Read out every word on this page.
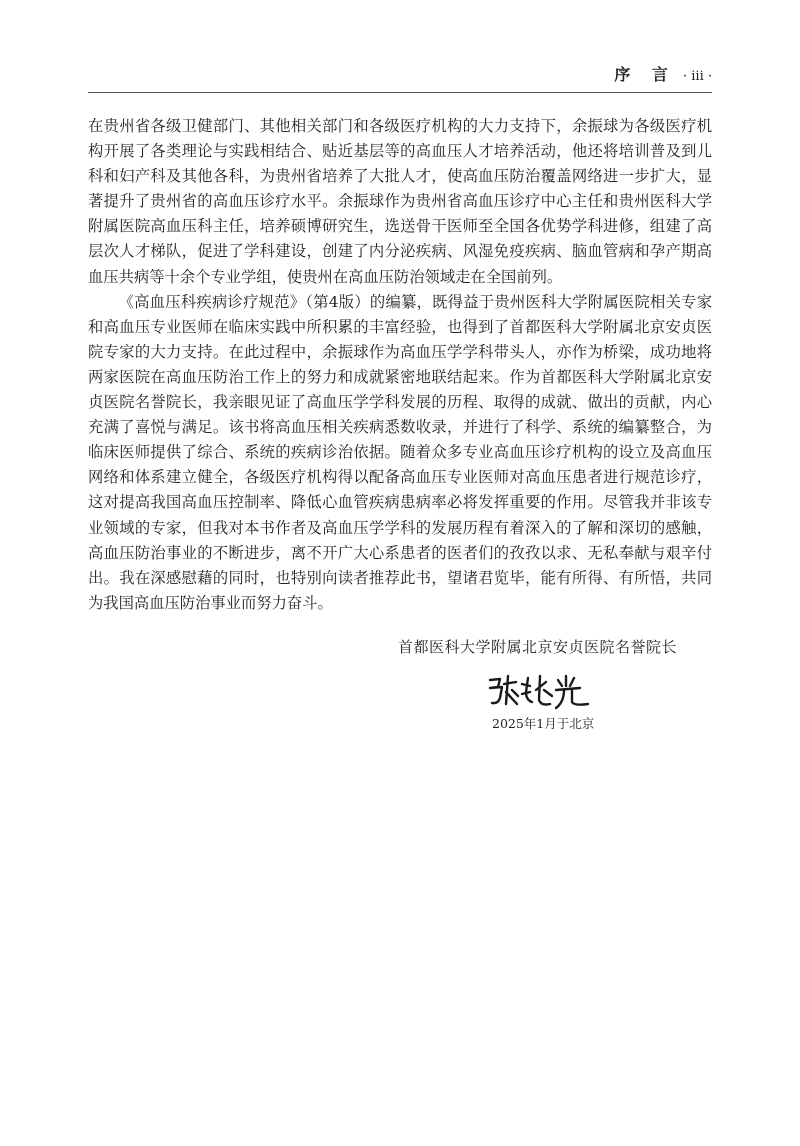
序 言 · iii ·

在贵州省各级卫健部门、其他相关部门和各级医疗机构的大力支持下，余振球为各级医疗机构开展了各类理论与实践相结合、贴近基层等的高血压人才培养活动，他还将培训普及到儿科和妇产科及其他各科，为贵州省培养了大批人才，使高血压防治覆盖网络进一步扩大，显著提升了贵州省的高血压诊疗水平。余振球作为贵州省高血压诊疗中心主任和贵州医科大学附属医院高血压科主任，培养硕博研究生，选送骨干医师至全国各优势学科进修，组建了高层次人才梯队，促进了学科建设，创建了内分泌疾病、风湿免疫疾病、脑血管病和孕产期高血压共病等十余个专业学组，使贵州在高血压防治领域走在全国前列。

《高血压科疾病诊疗规范》（第4版）的编纂，既得益于贵州医科大学附属医院相关专家和高血压专业医师在临床实践中所积累的丰富经验，也得到了首都医科大学附属北京安贞医院专家的大力支持。在此过程中，余振球作为高血压学学科带头人，亦作为桥梁，成功地将两家医院在高血压防治工作上的努力和成就紧密地联结起来。作为首都医科大学附属北京安贞医院名誉院长，我亲眼见证了高血压学学科发展的历程、取得的成就、做出的贡献，内心充满了喜悦与满足。该书将高血压相关疾病悉数收录，并进行了科学、系统的编纂整合，为临床医师提供了综合、系统的疾病诊治依据。随着众多专业高血压诊疗机构的设立及高血压网络和体系建立健全，各级医疗机构得以配备高血压专业医师对高血压患者进行规范诊疗，这对提高我国高血压控制率、降低心血管疾病患病率必将发挥重要的作用。尽管我并非该专业领域的专家，但我对本书作者及高血压学学科的发展历程有着深入的了解和深切的感触，高血压防治事业的不断进步，离不开广大心系患者的医者们的孜孜以求、无私奉献与艰辛付出。我在深感慰藉的同时，也特别向读者推荐此书，望诸君览毕，能有所得、有所悟，共同为我国高血压防治事业而努力奋斗。

首都医科大学附属北京安贞医院名誉院长
2025年1月于北京
